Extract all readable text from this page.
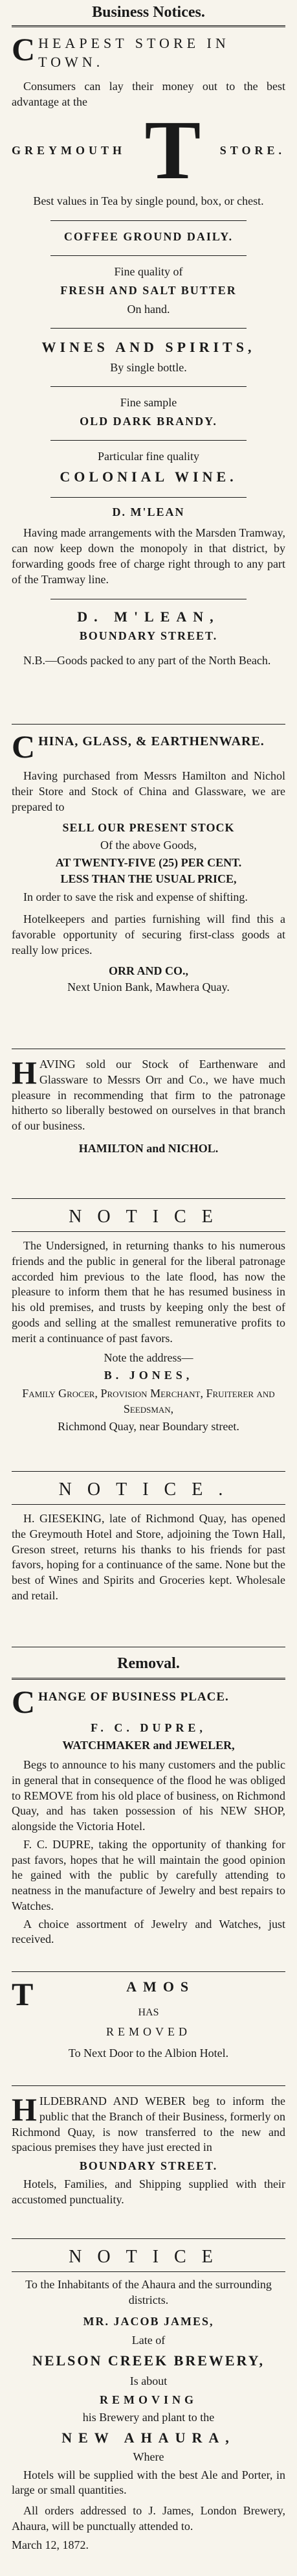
Business Notices.
C HEAPEST STORE IN TOWN.

Consumers can lay their money out to the best advantage at the

GREYMOUTH T STORE.

Best values in Tea by single pound, box, or chest.

COFFEE GROUND DAILY.

Fine quality of

FRESH AND SALT BUTTER

On hand.

WINES AND SPIRITS,

By single bottle.

Fine sample

OLD DARK BRANDY.

Particular fine quality

COLONIAL WINE.

D. M'LEAN

Having made arrangements with the Marsden Tramway, can now keep down the monopoly in that district, by forwarding goods free of charge right through to any part of the Tramway line.

D. M'LEAN,

BOUNDARY STREET.

N.B.—Goods packed to any part of the North Beach.

C HINA, GLASS, & EARTHENWARE.

Having purchased from Messrs Hamilton and Nichol their Store and Stock of China and Glassware, we are prepared to

SELL OUR PRESENT STOCK

Of the above Goods,

AT TWENTY-FIVE (25) PER CENT.

LESS THAN THE USUAL PRICE,

In order to save the risk and expense of shifting.

Hotelkeepers and parties furnishing will find this a favorable opportunity of securing first-class goods at really low prices.

ORR AND CO.,

Next Union Bank, Mawhera Quay.

H AVING sold our Stock of Earthenware and Glassware to Messrs Orr and Co., we have much pleasure in recommending that firm to the patronage hitherto so liberally bestowed on ourselves in that branch of our business.

HAMILTON and NICHOL.

NOTICE

The Undersigned, in returning thanks to his numerous friends and the public in general for the liberal patronage accorded him previous to the late flood, has now the pleasure to inform them that he has resumed business in his old premises, and trusts by keeping only the best of goods and selling at the smallest remunerative profits to merit a continuance of past favors.

Note the address—

B. JONES,

Family Grocer, Provision Merchant, Fruiterer and Seedsman,

Richmond Quay, near Boundary street.

NOTICE.

H. GIESEKING, late of Richmond Quay, has opened the Greymouth Hotel and Store, adjoining the Town Hall, Greson street, returns his thanks to his friends for past favors, hoping for a continuance of the same. None but the best of Wines and Spirits and Groceries kept. Wholesale and retail.

Removal.
C HANGE OF BUSINESS PLACE.

F. C. DUPRE,

WATCHMAKER and JEWELER,

Begs to announce to his many customers and the public in general that in consequence of the flood he was obliged to REMOVE from his old place of business, on Richmond Quay, and has taken possession of his NEW SHOP, alongside the Victoria Hotel.

F. C. DUPRE, taking the opportunity of thanking for past favors, hopes that he will maintain the good opinion he gained with the public by carefully attending to neatness in the manufacture of Jewelry and best repairs to Watches.

A choice assortment of Jewelry and Watches, just received.

T	AMOS

HAS

REMOVED

To Next Door to the Albion Hotel.

H ILDEBRAND AND WEBER beg to inform the public that the Branch of their Business, formerly on Richmond Quay, is now transferred to the new and spacious premises they have just erected in

BOUNDARY STREET.

Hotels, Families, and Shipping supplied with their accustomed punctuality.

NOTICE

To the Inhabitants of the Ahaura and the surrounding districts.

MR. JACOB JAMES,

Late of

NELSON CREEK BREWERY,

Is about

REMOVING

his Brewery and plant to the

NEW AHAURA,

Where

Hotels will be supplied with the best Ale and Porter, in large or small quantities.

All orders addressed to J. James, London Brewery, Ahaura, will be punctually attended to.

March 12, 1872.
